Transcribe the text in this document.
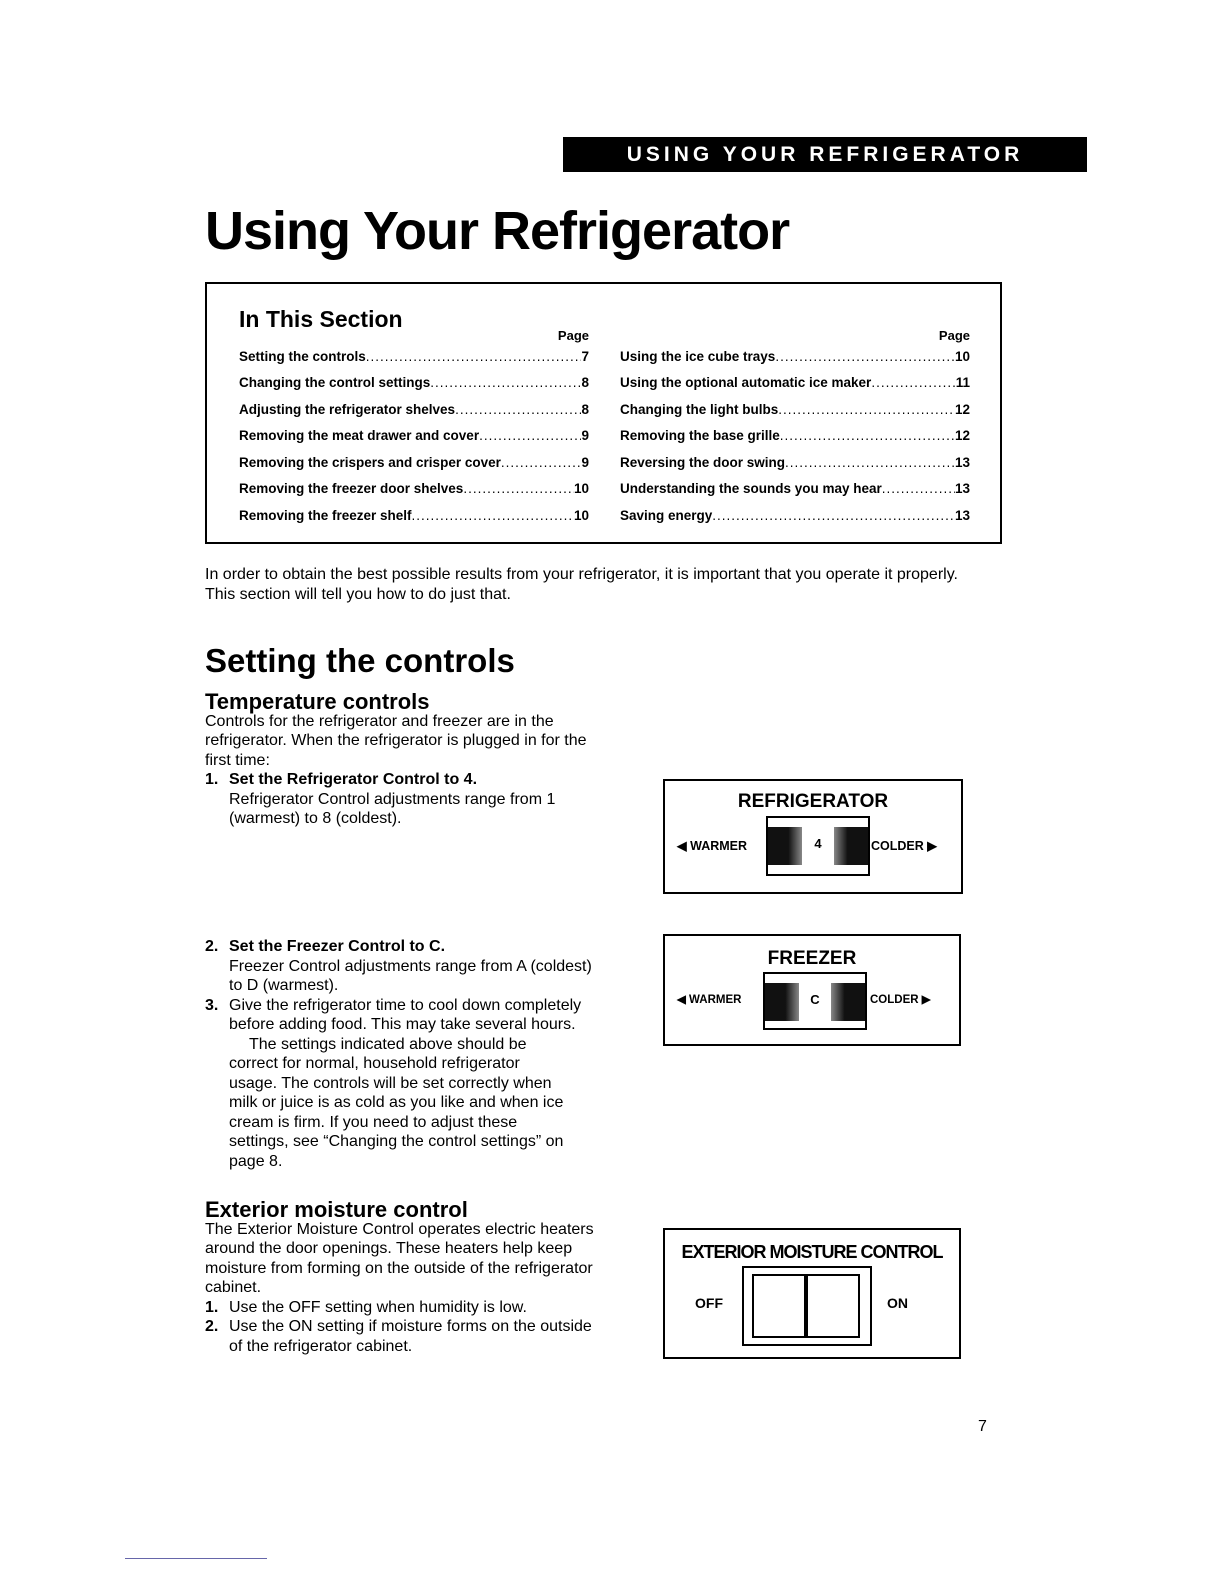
USING YOUR REFRIGERATOR
Using Your Refrigerator
In This Section
Page
Setting the controls .....	7
Changing the control settings .....	8
Adjusting the refrigerator shelves .....	8
Removing the meat drawer and cover .....	9
Removing the crispers and crisper cover .....	9
Removing the freezer door shelves .....	10
Removing the freezer shelf .....	10
Page
Using the ice cube trays .....	10
Using the optional automatic ice maker .....	11
Changing the light bulbs .....	12
Removing the base grille .....	12
Reversing the door swing .....	13
Understanding the sounds you may hear .....	13
Saving energy .....	13
In order to obtain the best possible results from your refrigerator, it is important that you operate it properly. This section will tell you how to do just that.
Setting the controls
Temperature controls
Controls for the refrigerator and freezer are in the refrigerator. When the refrigerator is plugged in for the first time:
1. Set the Refrigerator Control to 4.
Refrigerator Control adjustments range from 1 (warmest) to 8 (coldest).
2. Set the Freezer Control to C.
Freezer Control adjustments range from A (coldest) to D (warmest).
3. Give the refrigerator time to cool down completely before adding food. This may take several hours.
The settings indicated above should be correct for normal, household refrigerator usage. The controls will be set correctly when milk or juice is as cold as you like and when ice cream is firm. If you need to adjust these settings, see “Changing the control settings” on page 8.
Exterior moisture control
The Exterior Moisture Control operates electric heaters around the door openings. These heaters help keep moisture from forming on the outside of the refrigerator cabinet.
1. Use the OFF setting when humidity is low.
2. Use the ON setting if moisture forms on the outside of the refrigerator cabinet.
REFRIGERATOR
◀ WARMER	4	COLDER ▶
FREEZER
◀ WARMER	C	COLDER ▶
EXTERIOR MOISTURE CONTROL
OFF	ON
7
